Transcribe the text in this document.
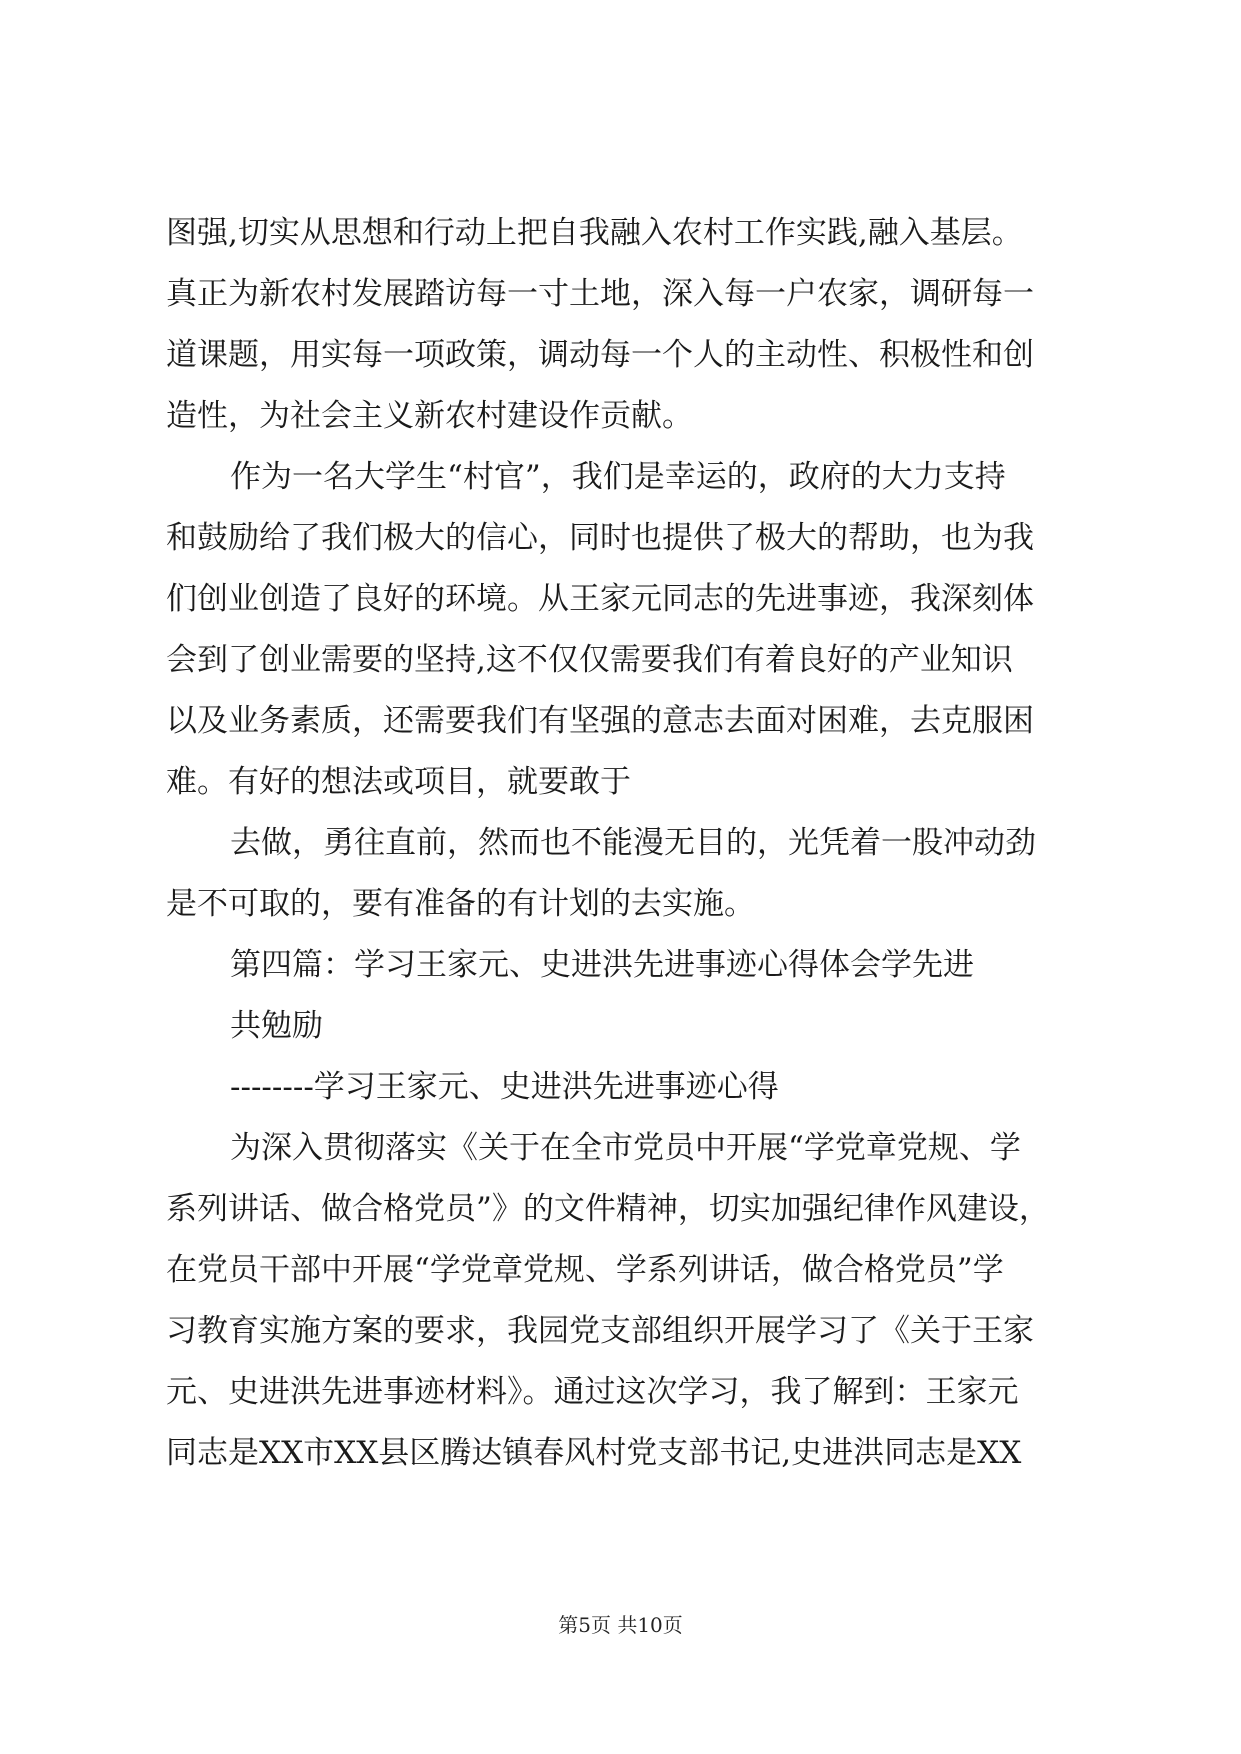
图强,切实从思想和行动上把自我融入农村工作实践,融入基层。
真正为新农村发展踏访每一寸土地，深入每一户农家，调研每一
道课题，用实每一项政策，调动每一个人的主动性、积极性和创
造性，为社会主义新农村建设作贡献。
作为一名大学生“村官”，我们是幸运的，政府的大力支持
和鼓励给了我们极大的信心，同时也提供了极大的帮助，也为我
们创业创造了良好的环境。从王家元同志的先进事迹，我深刻体
会到了创业需要的坚持,这不仅仅需要我们有着良好的产业知识
以及业务素质，还需要我们有坚强的意志去面对困难，去克服困
难。有好的想法或项目，就要敢于
去做，勇往直前，然而也不能漫无目的，光凭着一股冲动劲
是不可取的，要有准备的有计划的去实施。
第四篇：学习王家元、史进洪先进事迹心得体会学先进
共勉励
--------学习王家元、史进洪先进事迹心得
为深入贯彻落实《关于在全市党员中开展“学党章党规、学
系列讲话、做合格党员”》的文件精神，切实加强纪律作风建设，
在党员干部中开展“学党章党规、学系列讲话，做合格党员”学
习教育实施方案的要求，我园党支部组织开展学习了《关于王家
元、史进洪先进事迹材料》。通过这次学习，我了解到：王家元
同志是XX市XX县区腾达镇春风村党支部书记,史进洪同志是XX
第5页 共10页
